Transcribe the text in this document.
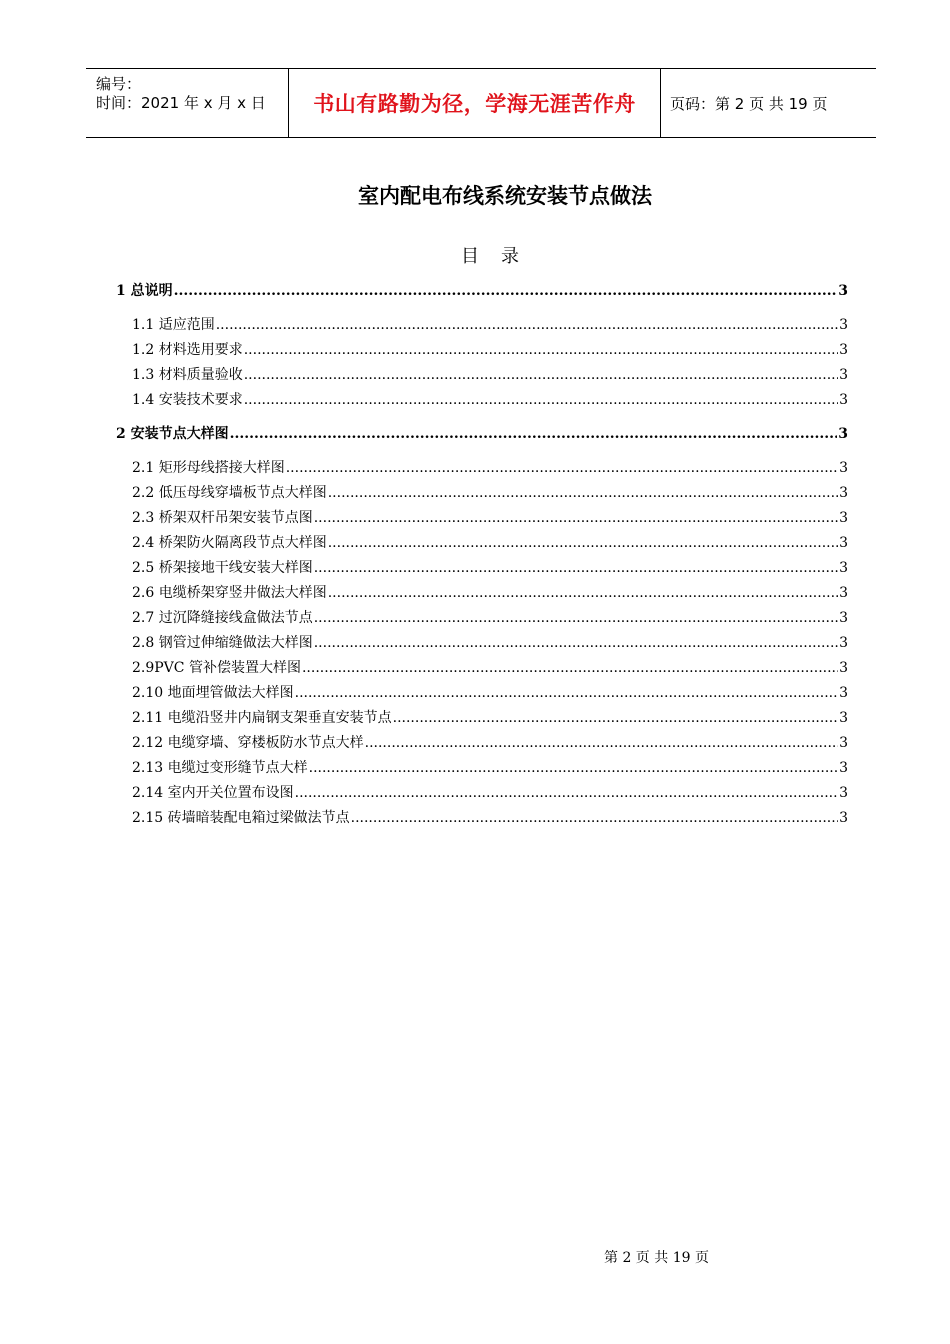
编号：
时间：2021 年 x 月 x 日 书山有路勤为径，学海无涯苦作舟 页码：第 2 页 共 19 页
室内配电布线系统安装节点做法
目录
1 总说明 .....	3
1.1 适应范围 .....	3
1.2 材料选用要求 .....	3
1.3 材料质量验收 .....	3
1.4 安装技术要求 .....	3
2 安装节点大样图 .....	3
2.1 矩形母线搭接大样图 .....	3
2.2 低压母线穿墙板节点大样图 .....	3
2.3 桥架双杆吊架安装节点图 .....	3
2.4 桥架防火隔离段节点大样图 .....	3
2.5 桥架接地干线安装大样图 .....	3
2.6 电缆桥架穿竖井做法大样图 .....	3
2.7 过沉降缝接线盒做法节点 .....	3
2.8 钢管过伸缩缝做法大样图 .....	3
2.9PVC 管补偿装置大样图 .....	3
2.10 地面埋管做法大样图 .....	3
2.11 电缆沿竖井内扁钢支架垂直安装节点 .....	3
2.12 电缆穿墙、穿楼板防水节点大样 .....	3
2.13 电缆过变形缝节点大样 .....	3
2.14 室内开关位置布设图 .....	3
2.15 砖墙暗装配电箱过梁做法节点 .....	3
第 2 页 共 19 页
